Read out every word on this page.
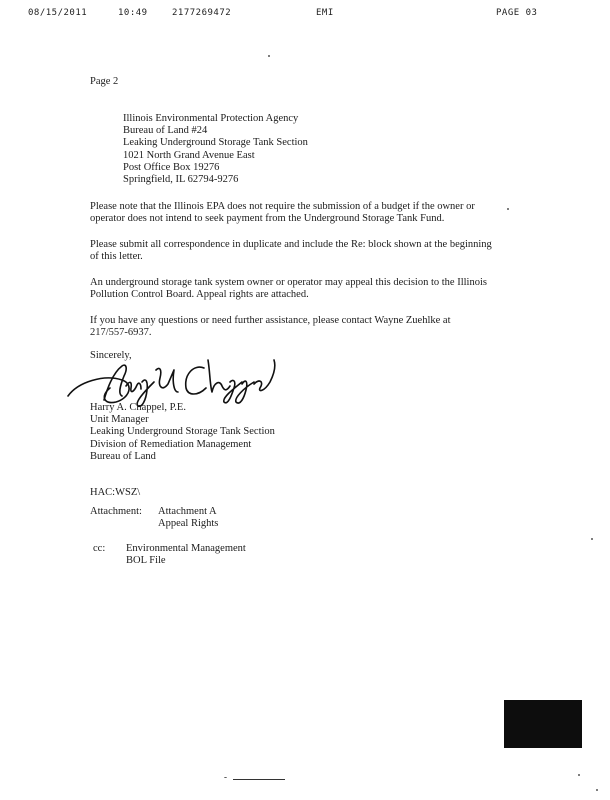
08/15/2011	10:49	2177269472	EMI	PAGE 03
Page 2
Illinois Environmental Protection Agency
Bureau of Land #24
Leaking Underground Storage Tank Section
1021 North Grand Avenue East
Post Office Box 19276
Springfield, IL 62794-9276
Please note that the Illinois EPA does not require the submission of a budget if the owner or
operator does not intend to seek payment from the Underground Storage Tank Fund.
Please submit all correspondence in duplicate and include the Re: block shown at the beginning
of this letter.
An underground storage tank system owner or operator may appeal this decision to the Illinois
Pollution Control Board. Appeal rights are attached.
If you have any questions or need further assistance, please contact Wayne Zuehlke at
217/557-6937.
Sincerely,
Harry A. Chappel, P.E.
Unit Manager
Leaking Underground Storage Tank Section
Division of Remediation Management
Bureau of Land
HAC:WSZ\
Attachment: Attachment A
Appeal Rights
cc: Environmental Management
BOL File
